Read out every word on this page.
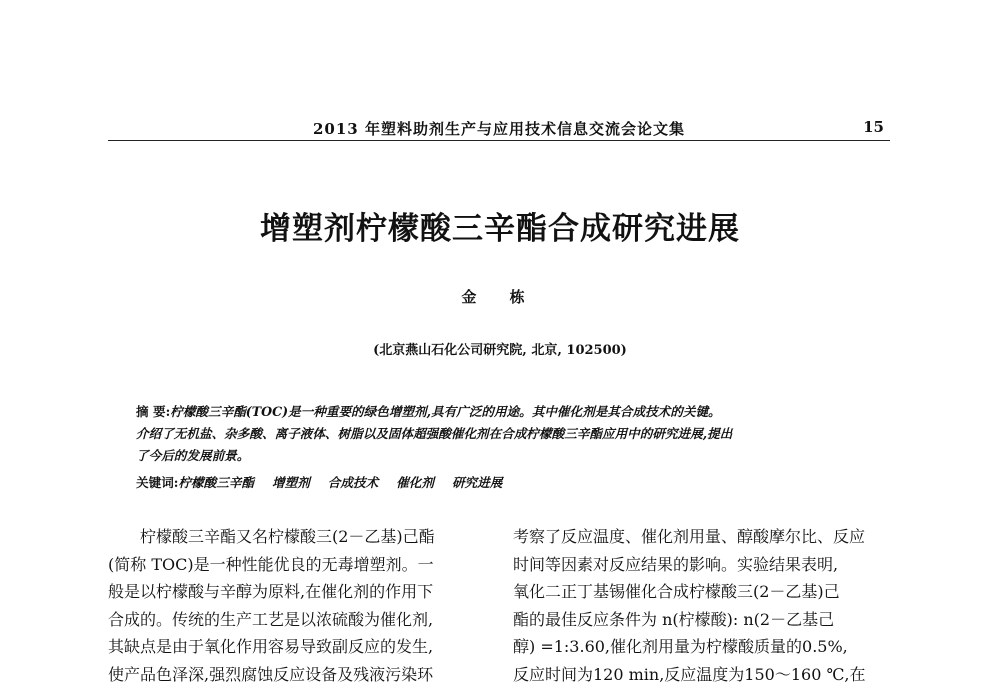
2013 年塑料助剂生产与应用技术信息交流会论文集	15
增塑剂柠檬酸三辛酯合成研究进展
金 栋
(北京燕山石化公司研究院, 北京, 102500)
摘 要:柠檬酸三辛酯(TOC)是一种重要的绿色增塑剂,具有广泛的用途。其中催化剂是其合成技术的关键。
介绍了无机盐、杂多酸、离子液体、树脂以及固体超强酸催化剂在合成柠檬酸三辛酯应用中的研究进展,提出
了今后的发展前景。
关键词:柠檬酸三辛酯 增塑剂 合成技术 催化剂 研究进展
柠檬酸三辛酯又名柠檬酸三(2－乙基)己酯
(简称 TOC)是一种性能优良的无毒增塑剂。一
般是以柠檬酸与辛醇为原料,在催化剂的作用下
合成的。传统的生产工艺是以浓硫酸为催化剂,
其缺点是由于氧化作用容易导致副反应的发生,
使产品色泽深,强烈腐蚀反应设备及残液污染环
考察了反应温度、催化剂用量、醇酸摩尔比、反应
时间等因素对反应结果的影响。实验结果表明,
氧化二正丁基锡催化合成柠檬酸三(2－乙基)己
酯的最佳反应条件为 n(柠檬酸): n(2－乙基己
醇) =1:3.60,催化剂用量为柠檬酸质量的0.5%,
反应时间为120 min,反应温度为150～160 ℃,在
